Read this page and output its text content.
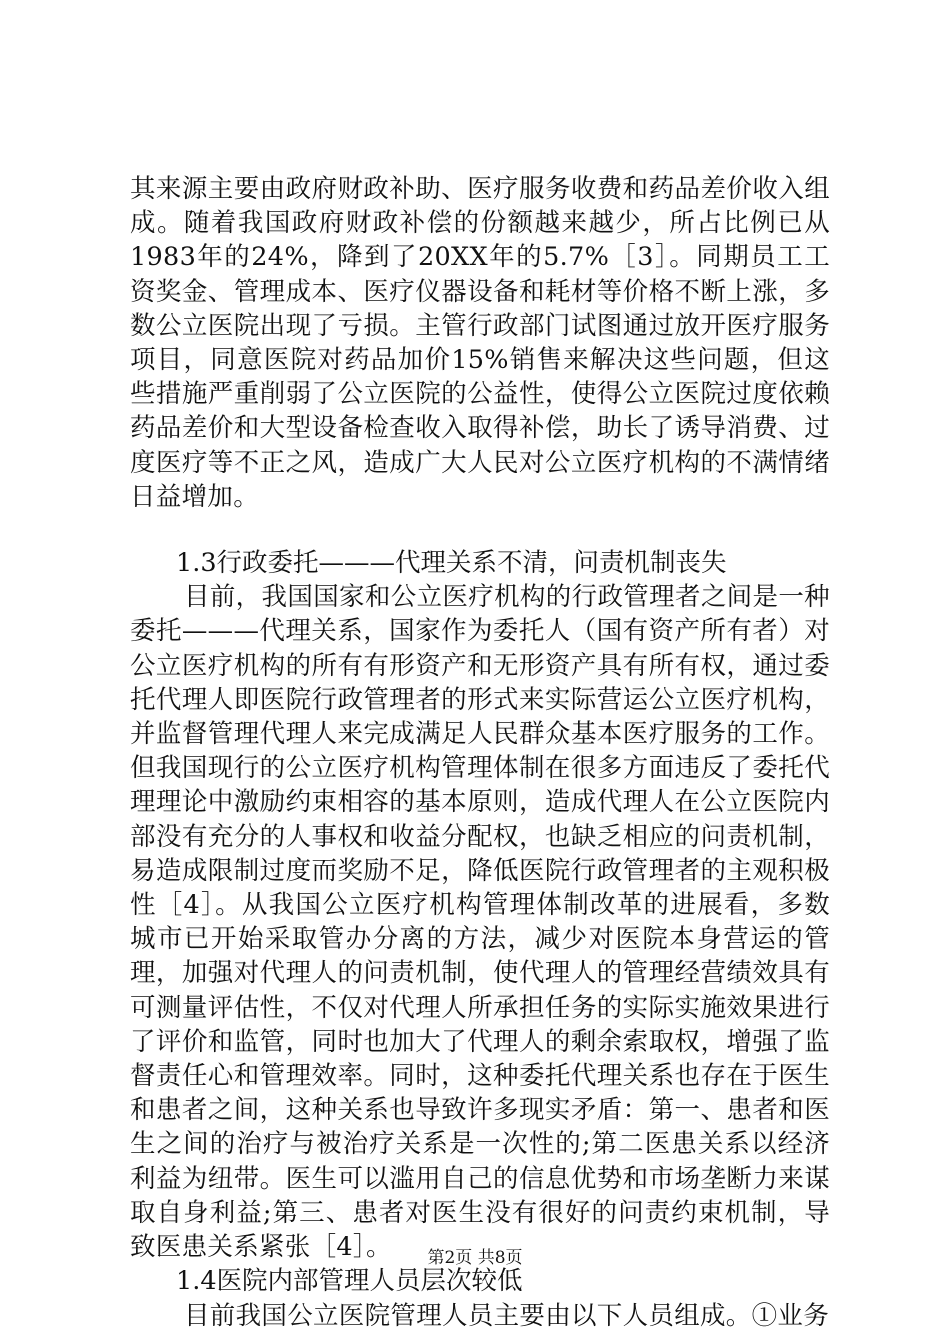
其来源主要由政府财政补助、医疗服务收费和药品差价收入组成。随着我国政府财政补偿的份额越来越少，所占比例已从1983年的24%，降到了20XX年的5.7%［3］。同期员工工资奖金、管理成本、医疗仪器设备和耗材等价格不断上涨，多数公立医院出现了亏损。主管行政部门试图通过放开医疗服务项目，同意医院对药品加价15%销售来解决这些问题，但这些措施严重削弱了公立医院的公益性，使得公立医院过度依赖药品差价和大型设备检查收入取得补偿，助长了诱导消费、过度医疗等不正之风，造成广大人民对公立医疗机构的不满情绪日益增加。

1.3行政委托———代理关系不清，问责机制丧失

目前，我国国家和公立医疗机构的行政管理者之间是一种委托———代理关系，国家作为委托人（国有资产所有者）对公立医疗机构的所有有形资产和无形资产具有所有权，通过委托代理人即医院行政管理者的形式来实际营运公立医疗机构，并监督管理代理人来完成满足人民群众基本医疗服务的工作。但我国现行的公立医疗机构管理体制在很多方面违反了委托代理理论中激励约束相容的基本原则，造成代理人在公立医院内部没有充分的人事权和收益分配权，也缺乏相应的问责机制，易造成限制过度而奖励不足，降低医院行政管理者的主观积极性［4］。从我国公立医疗机构管理体制改革的进展看，多数城市已开始采取管办分离的方法，减少对医院本身营运的管理，加强对代理人的问责机制，使代理人的管理经营绩效具有可测量评估性，不仅对代理人所承担任务的实际实施效果进行了评价和监管，同时也加大了代理人的剩余索取权，增强了监督责任心和管理效率。同时，这种委托代理关系也存在于医生和患者之间，这种关系也导致许多现实矛盾：第一、患者和医生之间的治疗与被治疗关系是一次性的;第二医患关系以经济利益为纽带。医生可以滥用自己的信息优势和市场垄断力来谋取自身利益;第三、患者对医生没有很好的问责约束机制，导致医患关系紧张［4］。

1.4医院内部管理人员层次较低

目前我国公立医院管理人员主要由以下人员组成。①业务

第2页 共8页
